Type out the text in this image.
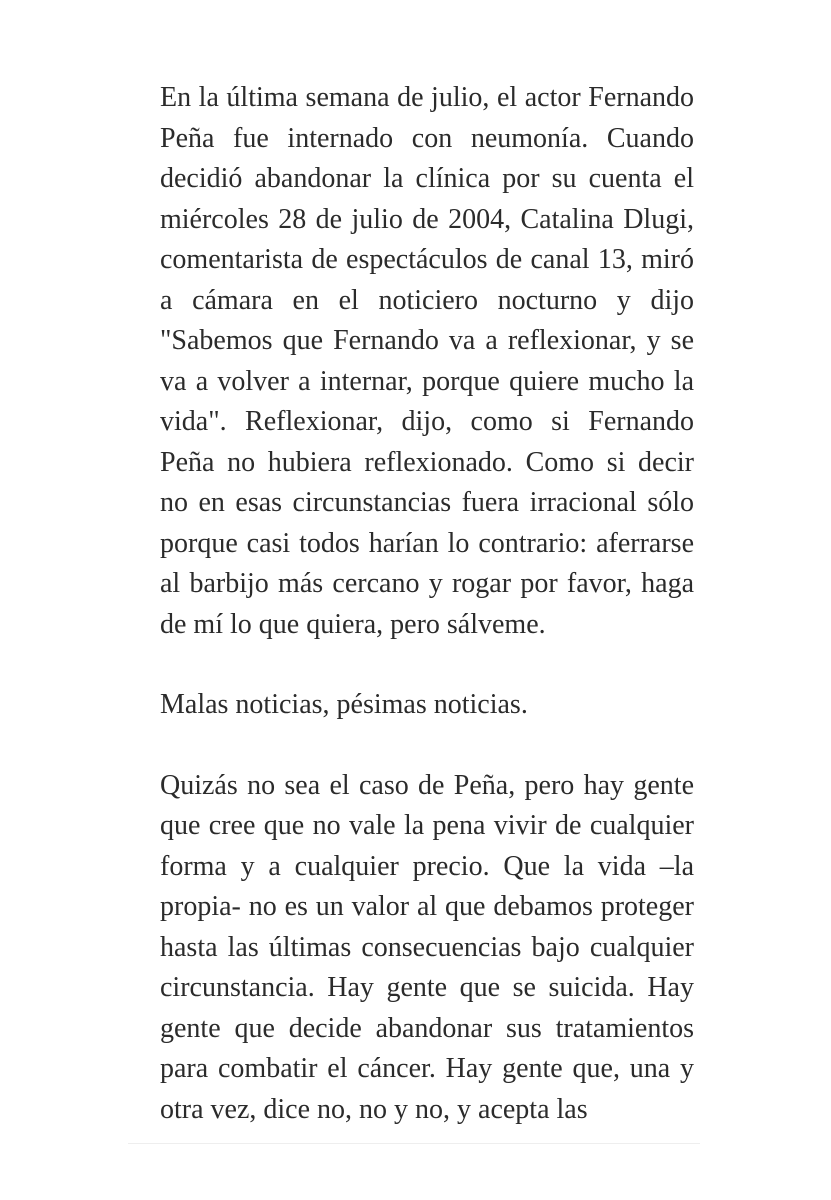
En la última semana de julio, el actor Fernando Peña fue internado con neumonía. Cuando decidió abandonar la clínica por su cuenta el miércoles 28 de julio de 2004, Catalina Dlugi, comentarista de espectáculos de canal 13, miró a cámara en el noticiero nocturno y dijo "Sabemos que Fernando va a reflexionar, y se va a volver a internar, porque quiere mucho la vida". Reflexionar, dijo, como si Fernando Peña no hubiera reflexionado. Como si decir no en esas circunstancias fuera irracional sólo porque casi todos harían lo contrario: aferrarse al barbijo más cercano y rogar por favor, haga de mí lo que quiera, pero sálveme.

Malas noticias, pésimas noticias.

Quizás no sea el caso de Peña, pero hay gente que cree que no vale la pena vivir de cualquier forma y a cualquier precio. Que la vida –la propia- no es un valor al que debamos proteger hasta las últimas consecuencias bajo cualquier circunstancia. Hay gente que se suicida. Hay gente que decide abandonar sus tratamientos para combatir el cáncer. Hay gente que, una y otra vez, dice no, no y no, y acepta las
